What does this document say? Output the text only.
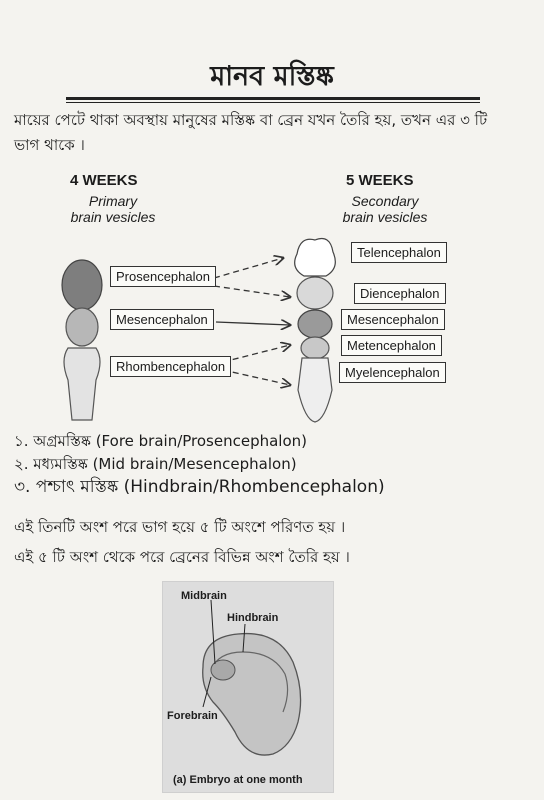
মানব মস্তিষ্ক
মায়ের পেটে থাকা অবস্থায় মানুষের মস্তিষ্ক বা ব্রেন যখন তৈরি হয়, তখন এর ৩ টি ভাগ থাকে ।
4 WEEKS
Primary
brain vesicles
5 WEEKS
Secondary
brain vesicles
Prosencephalon
Mesencephalon
Rhombencephalon
Telencephalon
Diencephalon
Mesencephalon
Metencephalon
Myelencephalon
১. অগ্রমস্তিষ্ক (Fore brain/Prosencephalon)
২. মধ্যমস্তিষ্ক (Mid brain/Mesencephalon)
৩. পশ্চাৎ মস্তিষ্ক (Hindbrain/Rhombencephalon)
এই তিনটি অংশ পরে ভাগ হয়ে ৫ টি অংশে পরিণত হয় ।
এই ৫ টি অংশ থেকে পরে ব্রেনের বিভিন্ন অংশ তৈরি হয় ।
Midbrain
Hindbrain
Forebrain
(a) Embryo at one month
